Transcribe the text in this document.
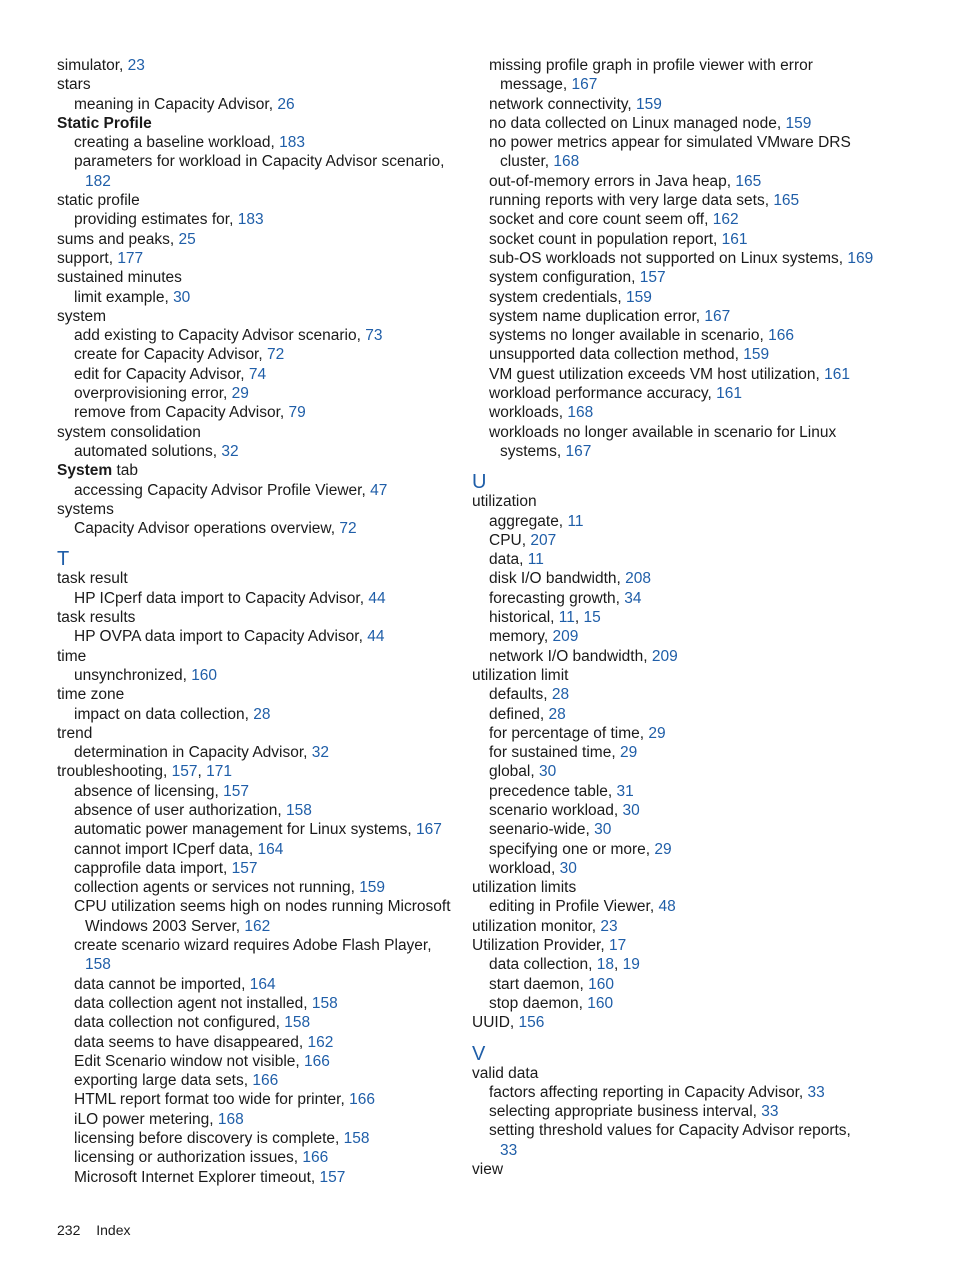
simulator, 23
stars
meaning in Capacity Advisor, 26
Static Profile
creating a baseline workload, 183
parameters for workload in Capacity Advisor scenario,
182
static profile
providing estimates for, 183
sums and peaks, 25
support, 177
sustained minutes
limit example, 30
system
add existing to Capacity Advisor scenario, 73
create for Capacity Advisor, 72
edit for Capacity Advisor, 74
overprovisioning error, 29
remove from Capacity Advisor, 79
system consolidation
automated solutions, 32
System tab
accessing Capacity Advisor Profile Viewer, 47
systems
Capacity Advisor operations overview, 72
T
task result
HP ICperf data import to Capacity Advisor, 44
task results
HP OVPA data import to Capacity Advisor, 44
time
unsynchronized, 160
time zone
impact on data collection, 28
trend
determination in Capacity Advisor, 32
troubleshooting, 157, 171
absence of licensing, 157
absence of user authorization, 158
automatic power management for Linux systems, 167
cannot import ICperf data, 164
capprofile data import, 157
collection agents or services not running, 159
CPU utilization seems high on nodes running Microsoft
Windows 2003 Server, 162
create scenario wizard requires Adobe Flash Player,
158
data cannot be imported, 164
data collection agent not installed, 158
data collection not configured, 158
data seems to have disappeared, 162
Edit Scenario window not visible, 166
exporting large data sets, 166
HTML report format too wide for printer, 166
iLO power metering, 168
licensing before discovery is complete, 158
licensing or authorization issues, 166
Microsoft Internet Explorer timeout, 157
missing profile graph in profile viewer with error
message, 167
network connectivity, 159
no data collected on Linux managed node, 159
no power metrics appear for simulated VMware DRS
cluster, 168
out-of-memory errors in Java heap, 165
running reports with very large data sets, 165
socket and core count seem off, 162
socket count in population report, 161
sub-OS workloads not supported on Linux systems, 169
system configuration, 157
system credentials, 159
system name duplication error, 167
systems no longer available in scenario, 166
unsupported data collection method, 159
VM guest utilization exceeds VM host utilization, 161
workload performance accuracy, 161
workloads, 168
workloads no longer available in scenario for Linux
systems, 167
U
utilization
aggregate, 11
CPU, 207
data, 11
disk I/O bandwidth, 208
forecasting growth, 34
historical, 11, 15
memory, 209
network I/O bandwidth, 209
utilization limit
defaults, 28
defined, 28
for percentage of time, 29
for sustained time, 29
global, 30
precedence table, 31
scenario workload, 30
seenario-wide, 30
specifying one or more, 29
workload, 30
utilization limits
editing in Profile Viewer, 48
utilization monitor, 23
Utilization Provider, 17
data collection, 18, 19
start daemon, 160
stop daemon, 160
UUID, 156
V
valid data
factors affecting reporting in Capacity Advisor, 33
selecting appropriate business interval, 33
setting threshold values for Capacity Advisor reports,
33
view
232 Index
